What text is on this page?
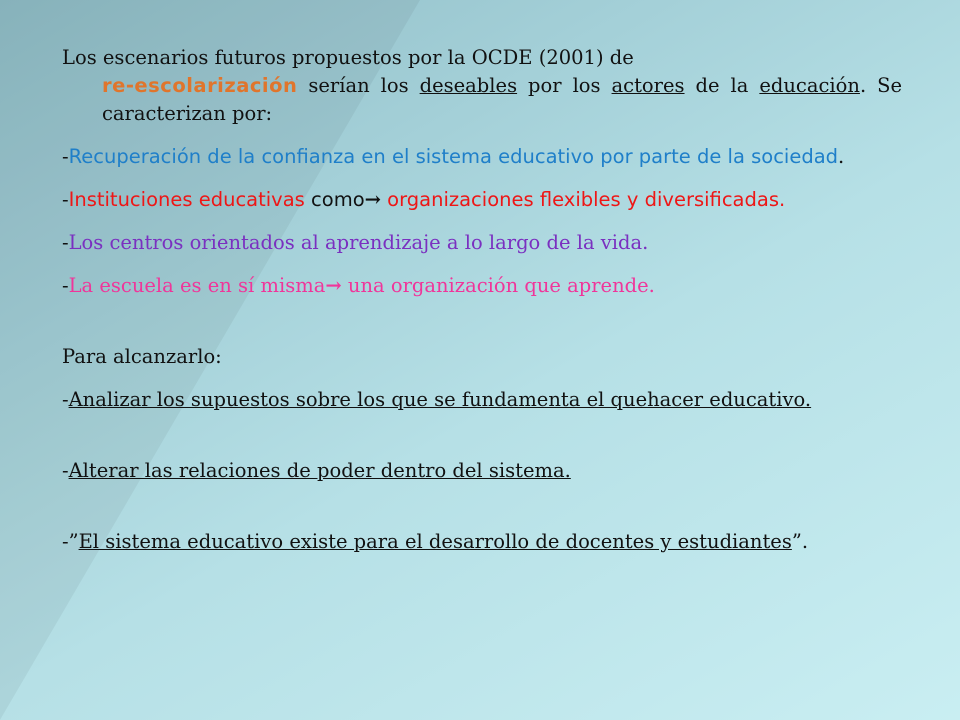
Los escenarios futuros propuestos por la OCDE (2001) de
re-escolarización serían los deseables por los actores de la educación. Se caracterizan por:
-Recuperación de la confianza en el sistema educativo por parte de la sociedad.
-Instituciones educativas como→ organizaciones flexibles y diversificadas.
-Los centros orientados al aprendizaje a lo largo de la vida.
-La escuela es en sí misma→ una organización que aprende.
Para alcanzarlo:
-Analizar los supuestos sobre los que se fundamenta el quehacer educativo.
-Alterar las relaciones de poder dentro del sistema.
-”El sistema educativo existe para el desarrollo de docentes y estudiantes”.
